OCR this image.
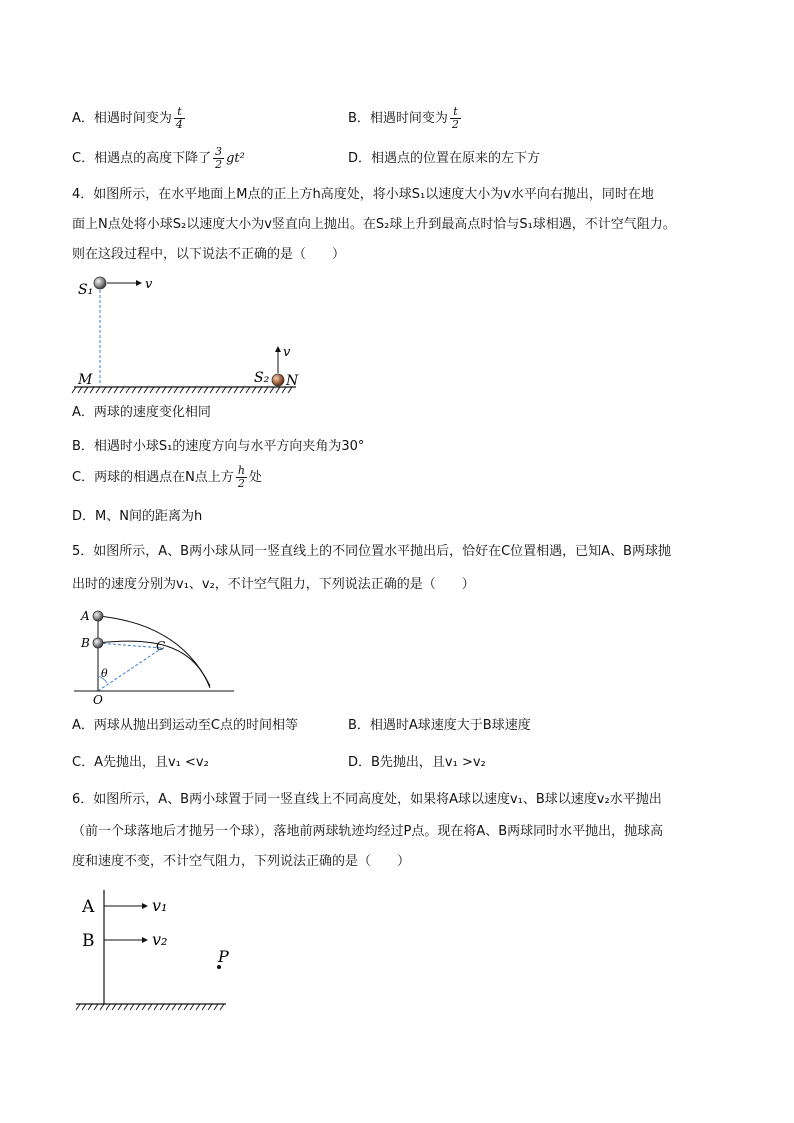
A．相遇时间变为 $\frac{t}{4}$	B．相遇时间变为 $\frac{t}{2}$
C．相遇点的高度下降了 $\frac{3}{2} gt^2$	D．相遇点的位置在原来的左下方
4．如图所示，在水平地面上M点的正上方h高度处，将小球S₁以速度大小为v水平向右抛出，同时在地
面上N点处将小球S₂以速度大小为v竖直向上抛出。在S₂球上升到最高点时恰与S₁球相遇，不计空气阻力。
则在这段过程中，以下说法不正确的是（　　）
v
S₁
M
v
S₂ N
A．两球的速度变化相同
B．相遇时小球S₁的速度方向与水平方向夹角为30°
C．两球的相遇点在N点上方 $\frac{h}{2}$ 处
D．M、N间的距离为h
5．如图所示，A、B两小球从同一竖直线上的不同位置水平抛出后，恰好在C位置相遇，已知A、B两球抛
出时的速度分别为v₁、v₂，不计空气阻力，下列说法正确的是（　　）
A
B	C
θ
O
A．两球从抛出到运动至C点的时间相等	B．相遇时A球速度大于B球速度
C．A先抛出，且v₁ <v₂	D．B先抛出，且v₁ >v₂
6．如图所示，A、B两小球置于同一竖直线上不同高度处，如果将A球以速度v₁、B球以速度v₂水平抛出
（前一个球落地后才抛另一个球），落地前两球轨迹均经过P点。现在将A、B两球同时水平抛出，抛球高
度和速度不变，不计空气阻力，下列说法正确的是（　　）
A
B
v₁
v₂
P
